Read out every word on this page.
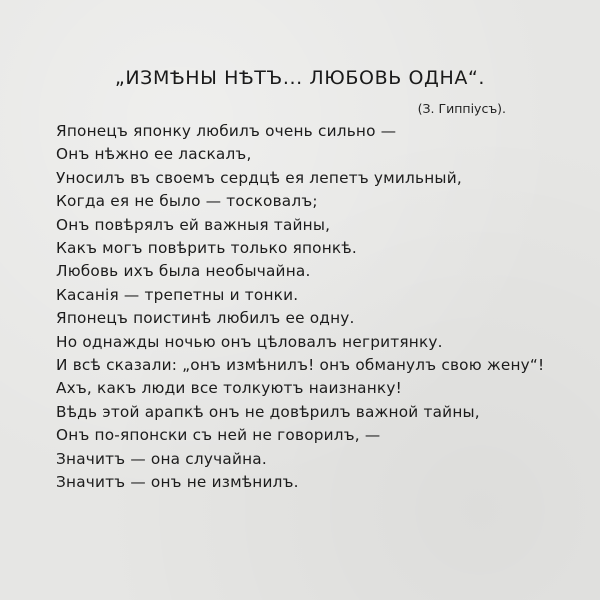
„ИЗМѢНЫ НѢТЪ... ЛЮБОВЬ ОДНА“.
(З. Гиппіусъ).
Японецъ японку любилъ очень сильно —
Онъ нѣжно ее ласкалъ,
Уносилъ въ своемъ сердцѣ ея лепетъ умильный,
Когда ея не было — тосковалъ;
Онъ повѣрялъ ей важныя тайны,
Какъ могъ повѣрить только японкѣ.
Любовь ихъ была необычайна.
Касанія — трепетны и тонки.
Японецъ поистинѣ любилъ ее одну.
Но однажды ночью онъ цѣловалъ негритянку.
И всѣ сказали: „онъ измѣнилъ! онъ обманулъ свою жену“!
Ахъ, какъ люди все толкуютъ наизнанку!
Вѣдь этой арапкѣ онъ не довѣрилъ важной тайны,
Онъ по-японски съ ней не говорилъ, —
Значитъ — она случайна.
Значитъ — онъ не измѣнилъ.
